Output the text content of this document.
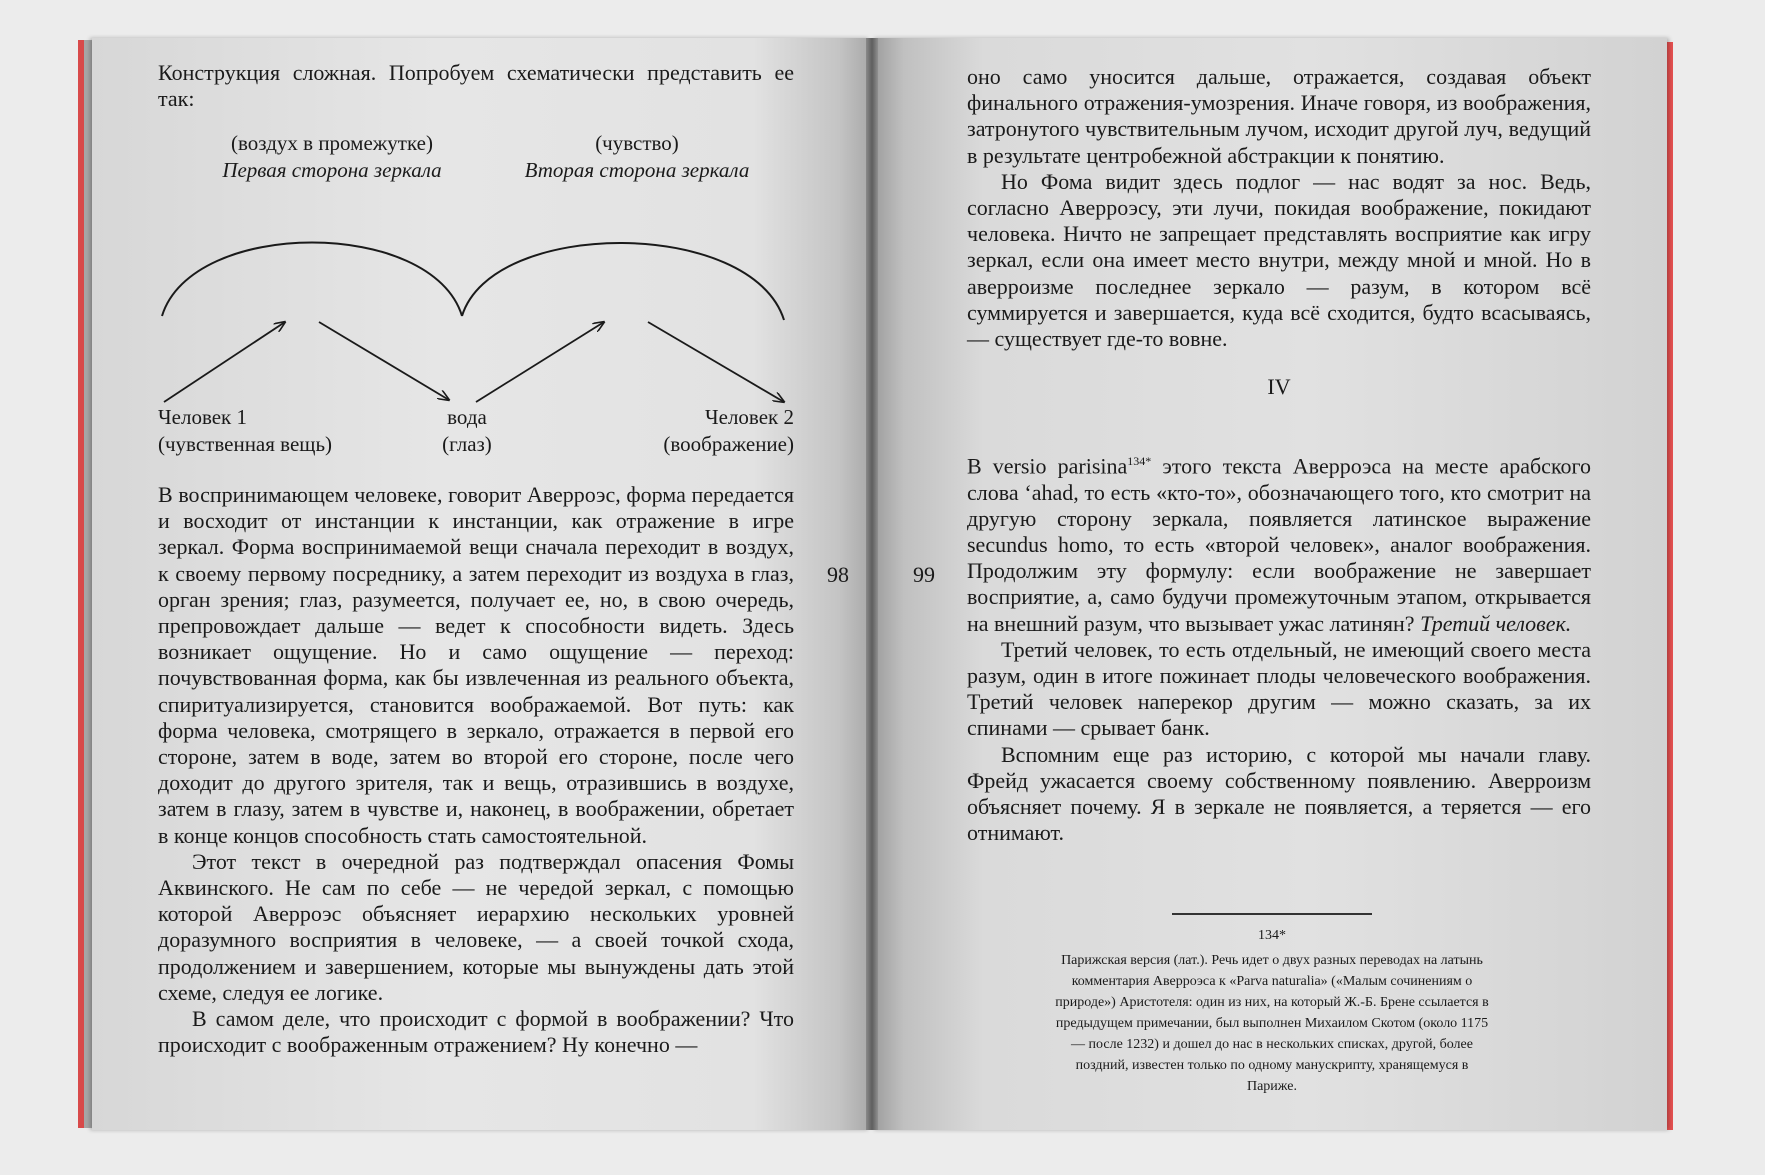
Конструкция сложная. Попробуем схематически представить ее так:

(воздух в промежутке)
Первая сторона зеркала
(чувство)
Вторая сторона зеркала
Человек 1
(чувственная вещь)
вода
(глаз)
Человек 2
(воображение)

В воспринимающем человеке, говорит Аверроэс, форма передается и восходит от инстанции к инстанции, как отражение в игре зеркал. Форма воспринимаемой вещи сначала переходит в воздух, к своему первому посреднику, а затем переходит из воздуха в глаз, орган зрения; глаз, разумеется, получает ее, но, в свою очередь, препровождает дальше — ведет к способности видеть. Здесь возникает ощущение. Но и само ощущение — переход: почувствованная форма, как бы извлеченная из реального объекта, спиритуализируется, становится воображаемой. Вот путь: как форма человека, смотрящего в зеркало, отражается в первой его стороне, затем в воде, затем во второй его стороне, после чего доходит до другого зрителя, так и вещь, отразившись в воздухе, затем в глазу, затем в чувстве и, наконец, в воображении, обретает в конце концов способность стать самостоятельной.

Этот текст в очередной раз подтверждал опасения Фомы Аквинского. Не сам по себе — не чередой зеркал, с помощью которой Аверроэс объясняет иерархию нескольких уровней доразумного восприятия в человеке, — а своей точкой схода, продолжением и завершением, которые мы вынуждены дать этой схеме, следуя ее логике.

В самом деле, что происходит с формой в воображении? Что происходит с воображенным отражением? Ну конечно —

оно само уносится дальше, отражается, создавая объект финального отражения-умозрения. Иначе говоря, из воображения, затронутого чувствительным лучом, исходит другой луч, ведущий в результате центробежной абстракции к понятию.

Но Фома видит здесь подлог — нас водят за нос. Ведь, согласно Аверроэсу, эти лучи, покидая воображение, покидают человека. Ничто не запрещает представлять восприятие как игру зеркал, если она имеет место внутри, между мной и мной. Но в аверроизме последнее зеркало — разум, в котором всё суммируется и завершается, куда всё сходится, будто всасываясь, — существует где-то вовне.

IV

В versio parisina$^{134*}$ этого текста Аверроэса на месте арабского слова ‘ahad, то есть «кто-то», обозначающего того, кто смотрит на другую сторону зеркала, появляется латинское выражение secundus homo, то есть «второй человек», аналог воображения. Продолжим эту формулу: если воображение не завершает восприятие, а, само будучи промежуточным этапом, открывается на внешний разум, что вызывает ужас латинян? Третий человек.

Третий человек, то есть отдельный, не имеющий своего места разум, один в итоге пожинает плоды человеческого воображения. Третий человек наперекор другим — можно сказать, за их спинами — срывает банк.

Вспомним еще раз историю, с которой мы начали главу. Фрейд ужасается своему собственному появлению. Аверроизм объясняет почему. Я в зеркале не появляется, а теряется — его отнимают.

134*
Парижская версия (лат.). Речь идет о двух разных переводах на латынь комментария Аверроэса к «Parva naturalia» («Малым сочинениям о природе») Аристотеля: один из них, на который Ж.-Б. Брене ссылается в предыдущем примечании, был выполнен Михаилом Скотом (около 1175 — после 1232) и дошел до нас в нескольких списках, другой, более поздний, известен только по одному манускрипту, хранящемуся в Париже.
98	99
